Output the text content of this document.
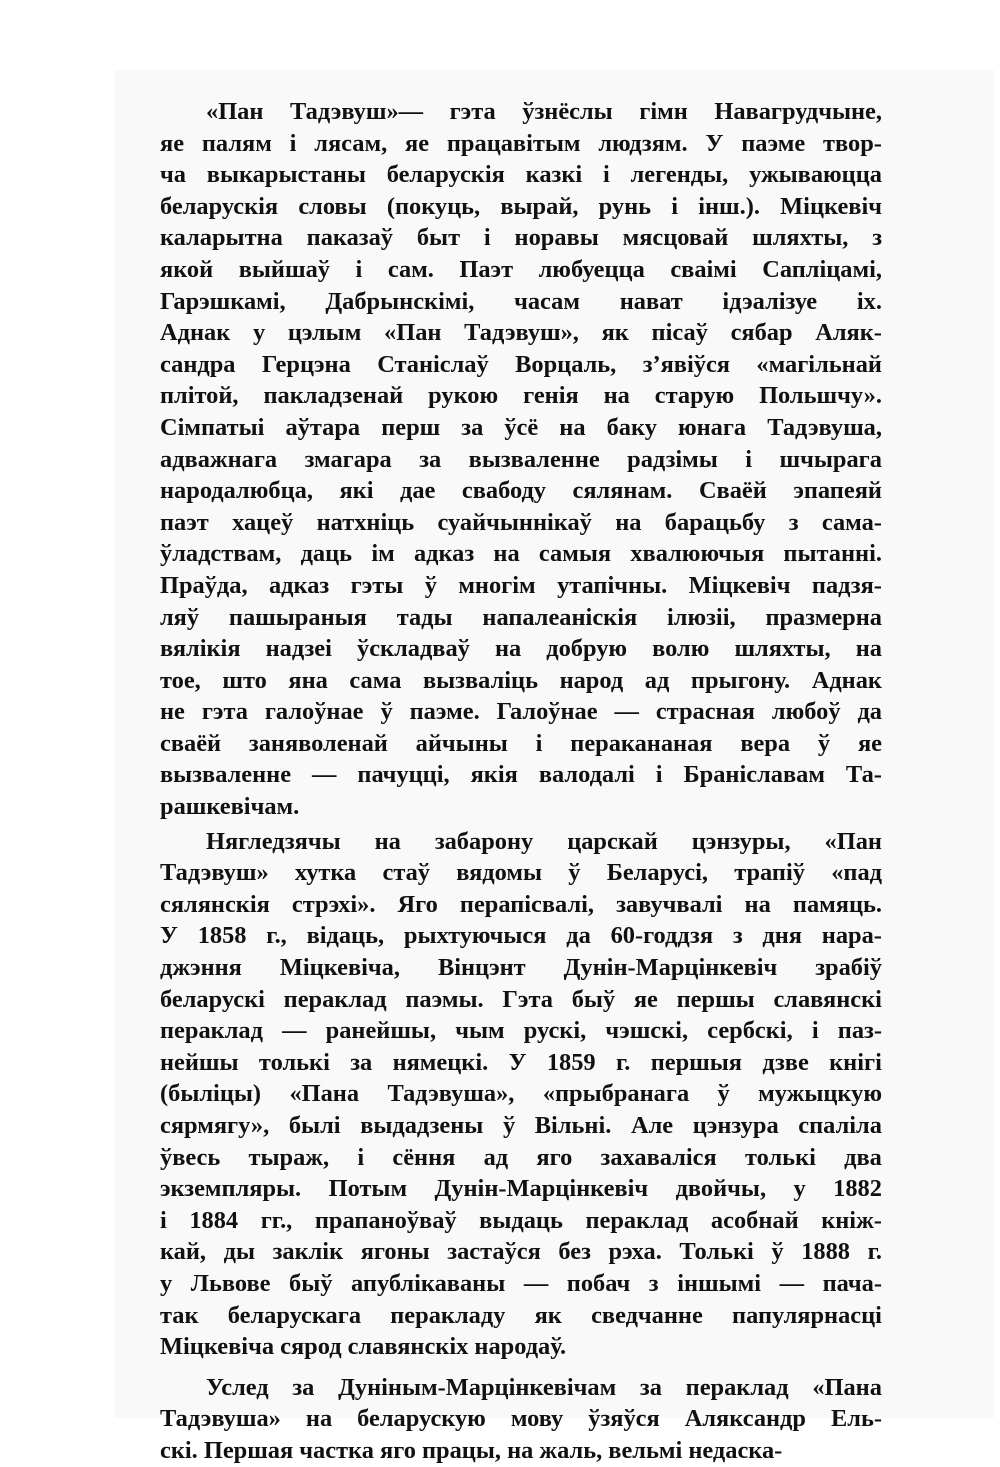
«Пан Тадэвуш»— гэта ўзнёслы гімн Навагрудчыне,
яе палям і лясам, яе працавітым людзям. У паэме твор-
ча выкарыстаны беларускія казкі і легенды, ужываюцца
беларускія словы (покуць, вырай, рунь і інш.). Міцкевіч
каларытна паказаў быт і норавы мясцовай шляхты, з
якой выйшаў і сам. Паэт любуецца сваімі Сапліцамі,
Гарэшкамі, Дабрынскімі, часам нават ідэалізуе іх.
Аднак у цэлым «Пан Тадэвуш», як пісаў сябар Аляк-
сандра Герцэна Станіслаў Ворцаль, з’явіўся «магільнай
плітой, пакладзенай рукою генія на старую Польшчу».
Сімпатыі аўтара перш за ўсё на баку юнага Тадэвуша,
адважнага змагара за вызваленне радзімы і шчырага
народалюбца, які дае свабоду сялянам. Сваёй эпапеяй
паэт хацеў натхніць суайчыннікаў на барацьбу з сама-
ўладствам, даць ім адказ на самыя хвалюючыя пытанні.
Праўда, адказ гэты ў многім утапічны. Міцкевіч падзя-
ляў пашыраныя тады напалеаніскія ілюзіі, празмерна
вялікія надзеі ўскладваў на добрую волю шляхты, на
тое, што яна сама вызваліць народ ад прыгону. Аднак
не гэта галоўнае ў паэме. Галоўнае — страсная любоў да
сваёй заняволенай айчыны і перакананая вера ў яе
вызваленне — пачуцці, якія валодалі і Браніславам Та-
рашкевічам.
Нягледзячы на забарону царскай цэнзуры, «Пан
Тадэвуш» хутка стаў вядомы ў Беларусі, трапіў «пад
сялянскія стрэхі». Яго перапісвалі, завучвалі на памяць.
У 1858 г., відаць, рыхтуючыся да 60-годдзя з дня нара-
джэння Міцкевіча, Вінцэнт Дунін-Марцінкевіч зрабіў
беларускі пераклад паэмы. Гэта быў яе першы славянскі
пераклад — ранейшы, чым рускі, чэшскі, сербскі, і паз-
нейшы толькі за нямецкі. У 1859 г. першыя дзве кнігі
(быліцы) «Пана Тадэвуша», «прыбранага ў мужыцкую
сярмягу», былі выдадзены ў Вільні. Але цэнзура спаліла
ўвесь тыраж, і сёння ад яго захаваліся толькі два
экземпляры. Потым Дунін-Марцінкевіч двойчы, у 1882
і 1884 гг., прапаноўваў выдаць пераклад асобнай кніж-
кай, ды заклік ягоны застаўся без рэха. Толькі ў 1888 г.
у Львове быў апублікаваны — побач з іншымі — пача-
так беларускага перакладу як сведчанне папулярнасці
Міцкевіча сярод славянскіх народаў.
Услед за Дуніным-Марцінкевічам за пераклад «Пана
Тадэвуша» на беларускую мову ўзяўся Аляксандр Ель-
скі. Першая частка яго працы, на жаль, вельмі недаска-
